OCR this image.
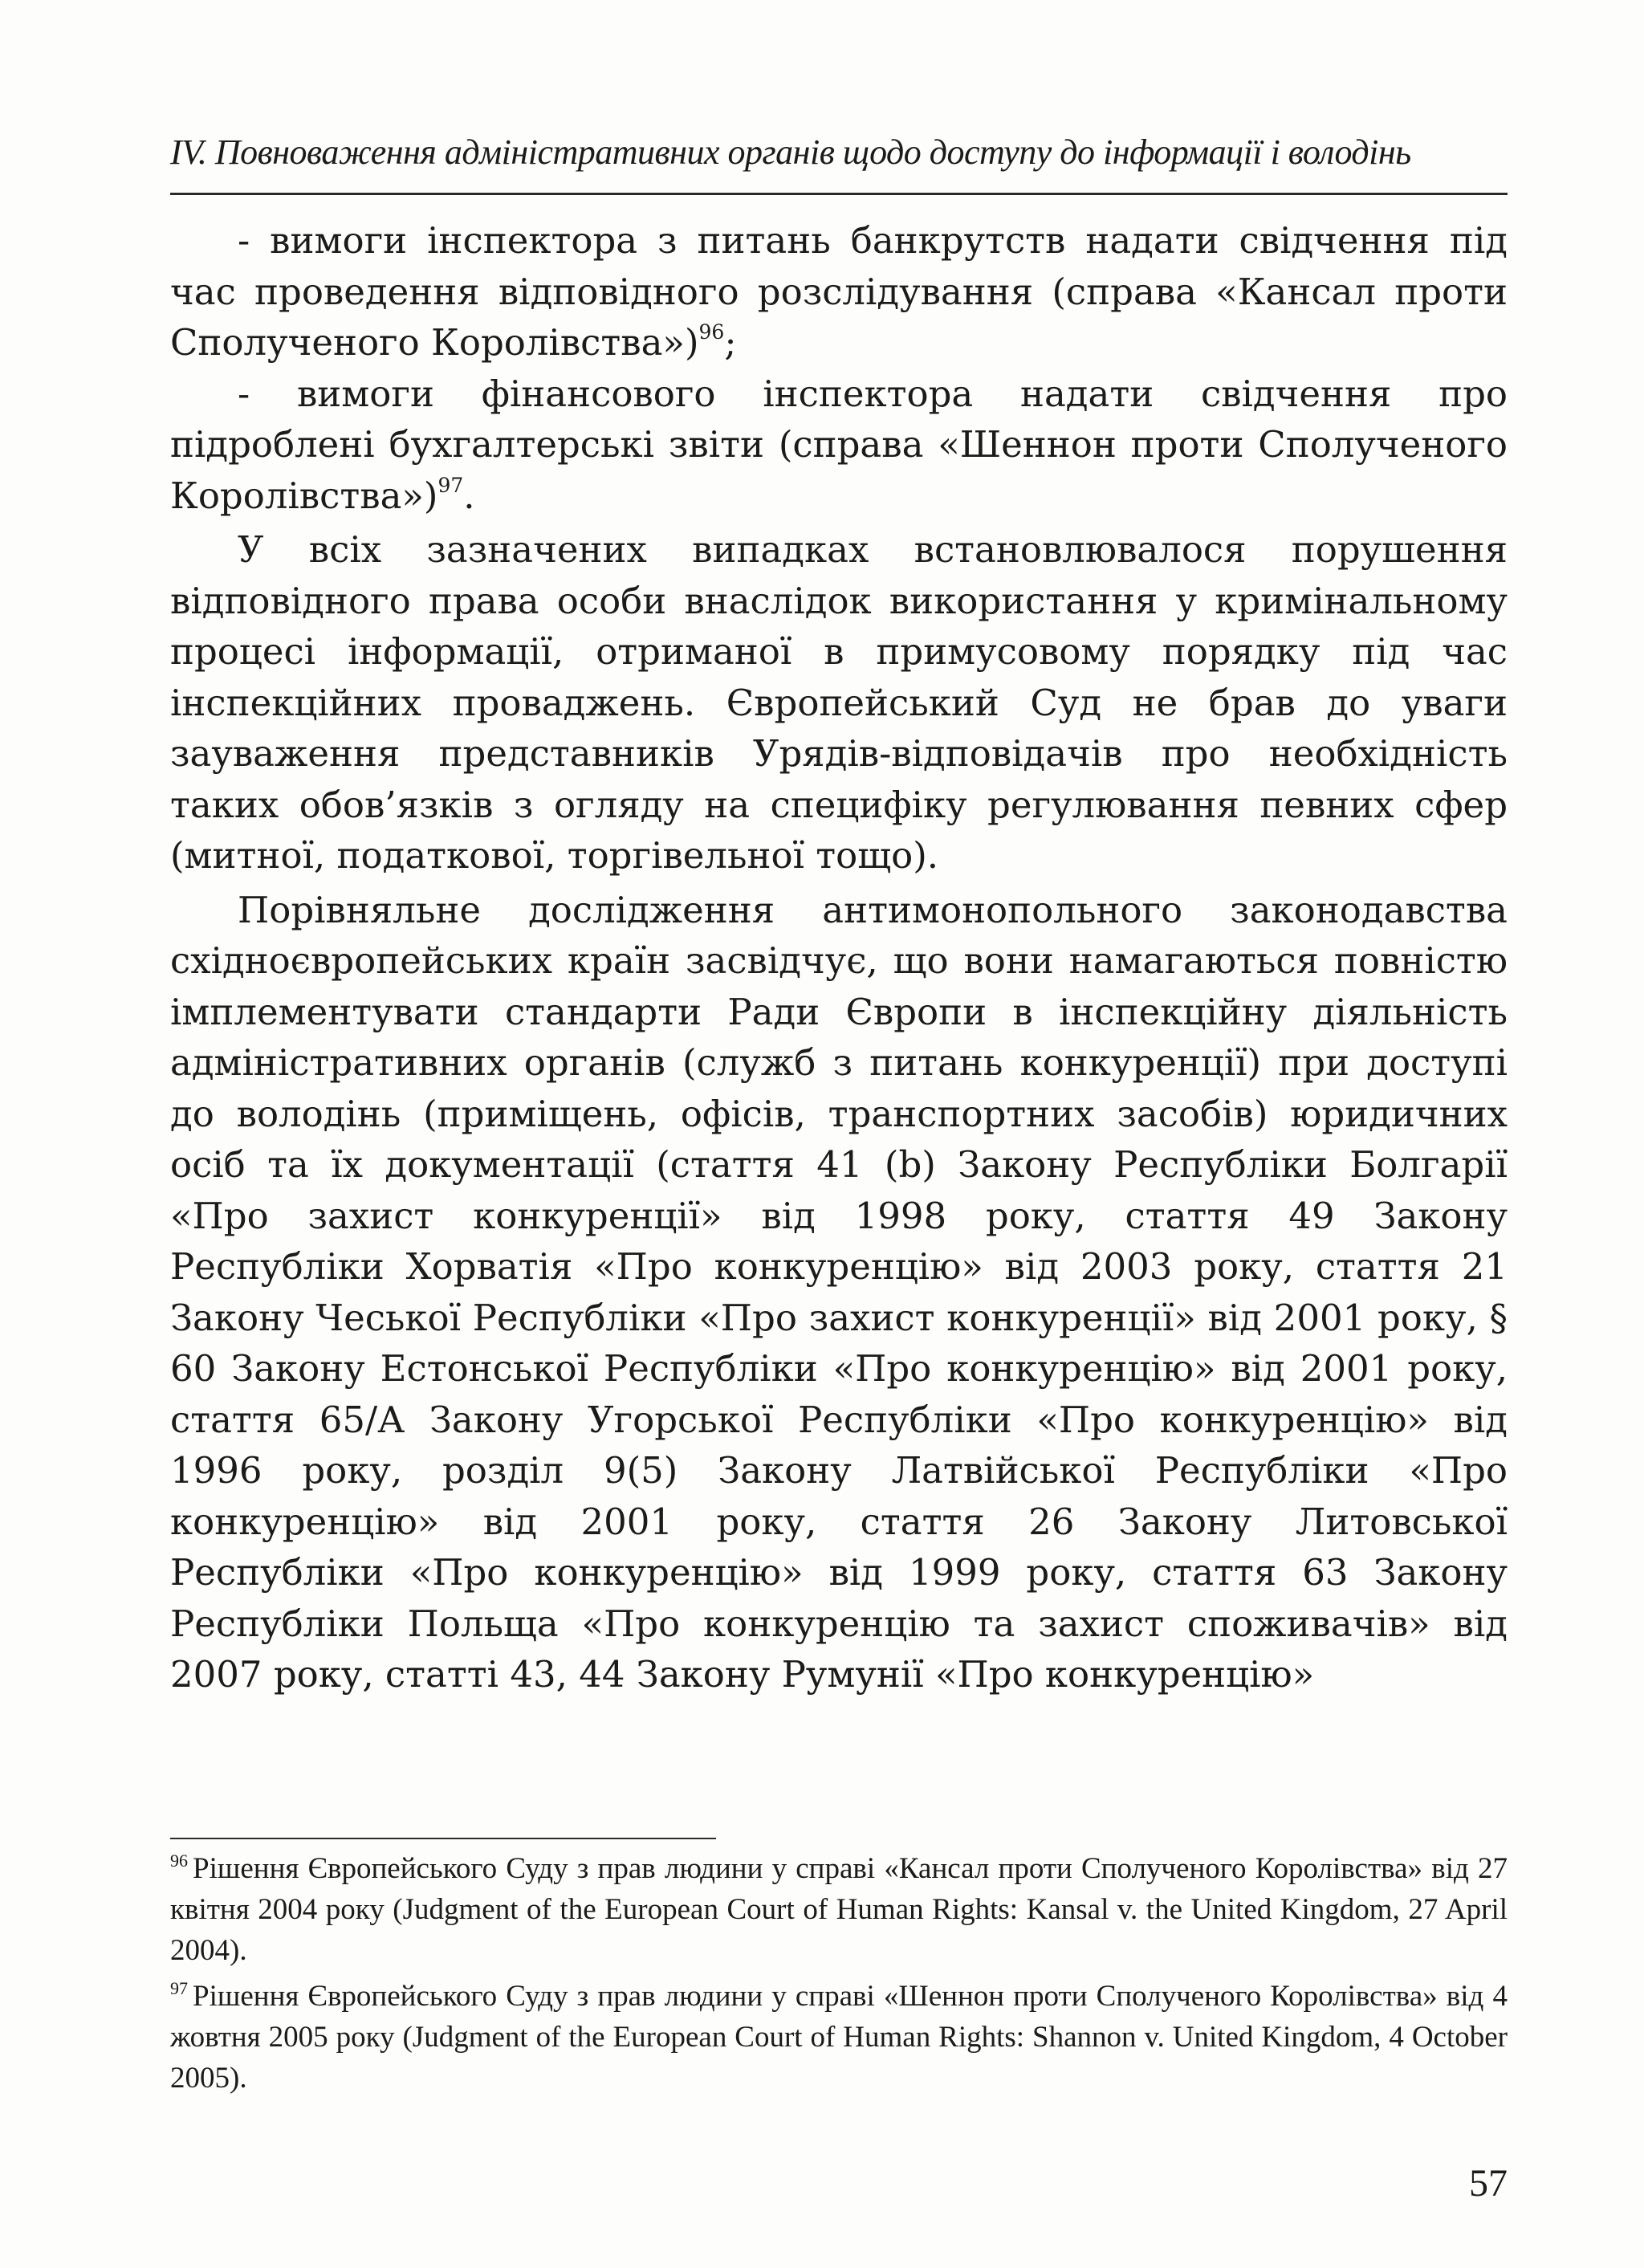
IV. Повноваження адміністративних органів щодо доступу до інформації і володінь

- вимоги інспектора з питань банкрутств надати свідчення під час проведення відповідного розслідування (справа «Кансал проти Сполученого Королівства»)$^{96}$;

- вимоги фінансового інспектора надати свідчення про підроблені бухгалтерські звіти (справа «Шеннон проти Сполученого Королівства»)$^{97}$.

У всіх зазначених випадках встановлювалося порушення відповідного права особи внаслідок використання у кримінальному процесі інформації, отриманої в примусовому порядку під час інспекційних проваджень. Європейський Суд не брав до уваги зауваження представників Урядів-відповідачів про необхідність таких обов’язків з огляду на специфіку регулювання певних сфер (митної, податкової, торгівельної тощо).

Порівняльне дослідження антимонопольного законодавства східноєвропейських країн засвідчує, що вони намагаються повністю імплементувати стандарти Ради Європи в інспекційну діяльність адміністративних органів (служб з питань конкуренції) при доступі до володінь (приміщень, офісів, транспортних засобів) юридичних осіб та їх документації (стаття 41 (b) Закону Республіки Болгарії «Про захист конкуренції» від 1998 року, стаття 49 Закону Республіки Хорватія «Про конкуренцію» від 2003 року, стаття 21 Закону Чеської Республіки «Про захист конкуренції» від 2001 року, § 60 Закону Естонської Республіки «Про конкуренцію» від 2001 року, стаття 65/А Закону Угорської Республіки «Про конкуренцію» від 1996 року, розділ 9(5) Закону Латвійської Республіки «Про конкуренцію» від 2001 року, стаття 26 Закону Литовської Республіки «Про конкуренцію» від 1999 року, стаття 63 Закону Республіки Польща «Про конкуренцію та захист споживачів» від 2007 року, статті 43, 44 Закону Румунії «Про конкуренцію»

$^{96}$ Рішення Європейського Суду з прав людини у справі «Кансал проти Сполученого Королівства» від 27 квітня 2004 року (Judgment of the European Court of Human Rights: Kansal v. the United Kingdom, 27 April 2004).
$^{97}$ Рішення Європейського Суду з прав людини у справі «Шеннон проти Сполученого Королівства» від 4 жовтня 2005 року (Judgment of the European Court of Human Rights: Shannon v. United Kingdom, 4 October 2005).
57
